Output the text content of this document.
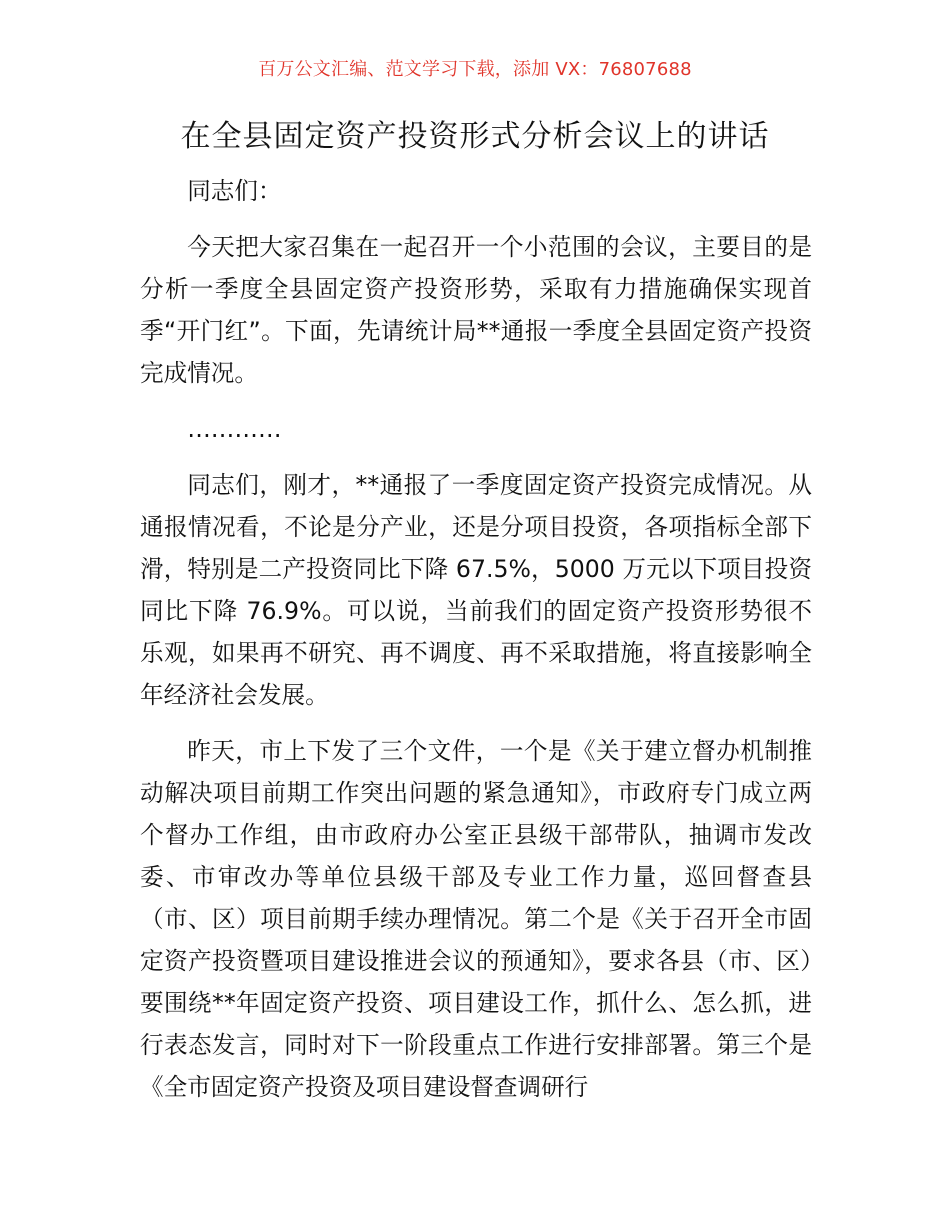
百万公文汇编、范文学习下载，添加 VX：76807688
在全县固定资产投资形式分析会议上的讲话

同志们：

今天把大家召集在一起召开一个小范围的会议，主要目的是分析一季度全县固定资产投资形势，采取有力措施确保实现首季“开门红”。下面，先请统计局**通报一季度全县固定资产投资完成情况。

…………

同志们，刚才，**通报了一季度固定资产投资完成情况。从通报情况看，不论是分产业，还是分项目投资，各项指标全部下滑，特别是二产投资同比下降 67.5%，5000 万元以下项目投资同比下降 76.9%。可以说，当前我们的固定资产投资形势很不乐观，如果再不研究、再不调度、再不采取措施，将直接影响全年经济社会发展。

昨天，市上下发了三个文件，一个是《关于建立督办机制推动解决项目前期工作突出问题的紧急通知》，市政府专门成立两个督办工作组，由市政府办公室正县级干部带队，抽调市发改委、市审改办等单位县级干部及专业工作力量，巡回督查县（市、区）项目前期手续办理情况。第二个是《关于召开全市固定资产投资暨项目建设推进会议的预通知》，要求各县（市、区）要围绕**年固定资产投资、项目建设工作，抓什么、怎么抓，进行表态发言，同时对下一阶段重点工作进行安排部署。第三个是《全市固定资产投资及项目建设督查调研行
